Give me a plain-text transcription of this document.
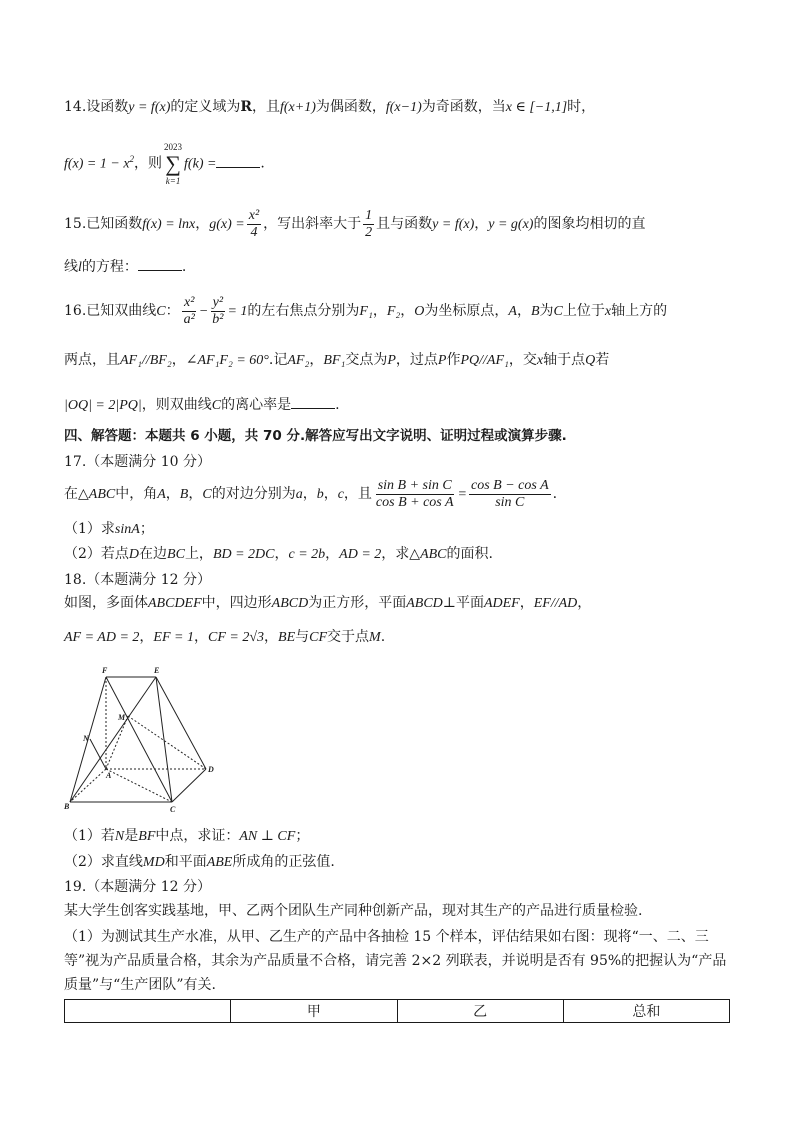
14.设函数y = f(x)的定义域为R，且f(x+1)为偶函数，f(x−1)为奇函数，当x ∈ [−1,1]时，
$f(x) = 1 - x^2$，则
2023
∑
k=1
f(k) =	.
15.已知函数f(x) = lnx，$g(x) = \frac{\text{x²}}{4}$ ，写出斜率大于 $\frac{1}{2}$ 且与函数y = f(x)，y = g(x)的图象均相切的直
线l的方程：	.
16.已知双曲线C： $\frac{\text{x²}}{\text{a²}} - \frac{\text{y²}}{\text{b²}} = 1$的左右焦点分别为F₁，F₂，O为坐标原点，A，B为C上位于x轴上方的
两点，且AF₁//BF₂，∠AF₁F₂ = 60°.记AF₂，BF₁交点为P，过点P作PQ//AF₁，交x轴于点Q若
|OQ| = 2|PQ|，则双曲线C的离心率是	.
四、解答题：本题共 6 小题，共 70 分.解答应写出文字说明、证明过程或演算步骤.
17.（本题满分 10 分）
在△ABC中，角A，B，C的对边分别为a，b，c，且 $\frac{\text{sin B + sin C}}{\text{cos B + cos A}} = \frac{\text{cos B − cos A}}{\text{sin C}}$ .
（1）求sinA；
（2）若点D在边BC上，BD = 2DC，c = 2b，AD = 2，求△ABC的面积.
18.（本题满分 12 分）
如图，多面体ABCDEF中，四边形ABCD为正方形，平面ABCD⊥平面ADEF，EF//AD，
AF = AD = 2，EF = 1，CF = 2√3，BE与CF交于点M.
F	E
M
N
A
D
B	C
（1）若N是BF中点，求证：AN ⊥ CF；
（2）求直线MD和平面ABE所成角的正弦值.
19.（本题满分 12 分）
某大学生创客实践基地，甲、乙两个团队生产同种创新产品，现对其生产的产品进行质量检验.
（1）为测试其生产水准，从甲、乙生产的产品中各抽检 15 个样本，评估结果如右图：现将“一、二、三
等”视为产品质量合格，其余为产品质量不合格，请完善 2×2 列联表，并说明是否有 95%的把握认为“产品
质量”与“生产团队”有关.
	甲	乙	总和
